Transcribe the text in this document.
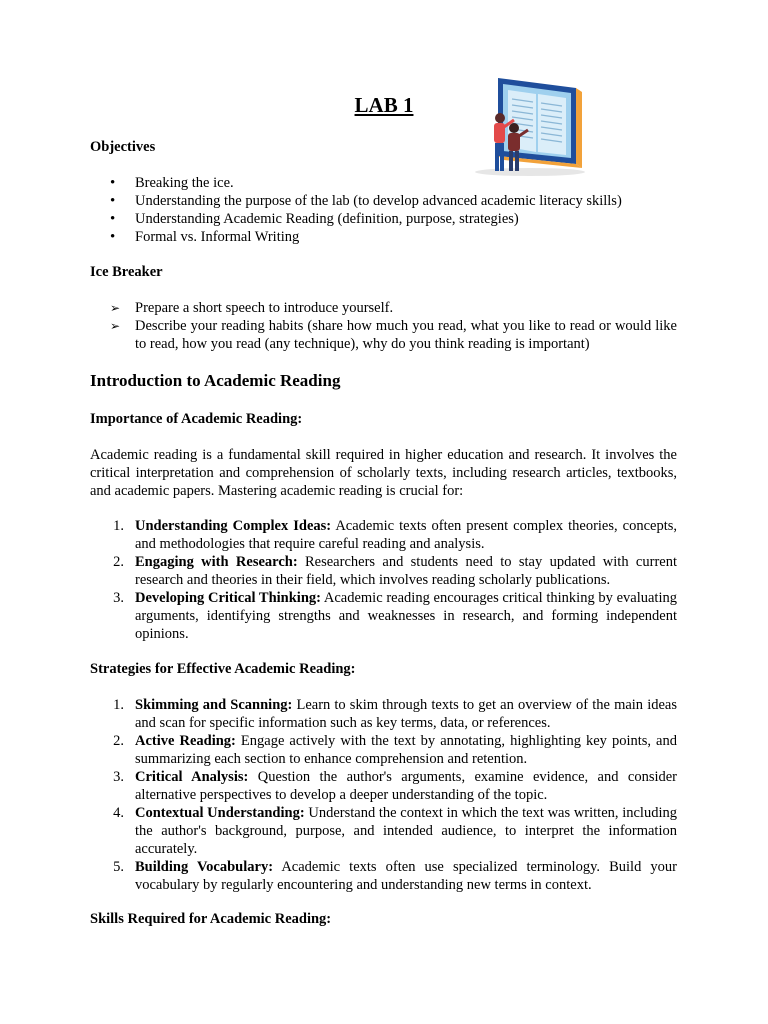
LAB 1
Objectives
• Breaking the ice.
• Understanding the purpose of the lab (to develop advanced academic literacy skills)
• Understanding Academic Reading (definition, purpose, strategies)
• Formal vs. Informal Writing
Ice Breaker
➢ Prepare a short speech to introduce yourself.
➢ Describe your reading habits (share how much you read, what you like to read or would like to read, how you read (any technique), why do you think reading is important)
Introduction to Academic Reading
Importance of Academic Reading:
Academic reading is a fundamental skill required in higher education and research. It involves the critical interpretation and comprehension of scholarly texts, including research articles, textbooks, and academic papers. Mastering academic reading is crucial for:
1. Understanding Complex Ideas: Academic texts often present complex theories, concepts, and methodologies that require careful reading and analysis.
2. Engaging with Research: Researchers and students need to stay updated with current research and theories in their field, which involves reading scholarly publications.
3. Developing Critical Thinking: Academic reading encourages critical thinking by evaluating arguments, identifying strengths and weaknesses in research, and forming independent opinions.
Strategies for Effective Academic Reading:
1. Skimming and Scanning: Learn to skim through texts to get an overview of the main ideas and scan for specific information such as key terms, data, or references.
2. Active Reading: Engage actively with the text by annotating, highlighting key points, and summarizing each section to enhance comprehension and retention.
3. Critical Analysis: Question the author's arguments, examine evidence, and consider alternative perspectives to develop a deeper understanding of the topic.
4. Contextual Understanding: Understand the context in which the text was written, including the author's background, purpose, and intended audience, to interpret the information accurately.
5. Building Vocabulary: Academic texts often use specialized terminology. Build your vocabulary by regularly encountering and understanding new terms in context.
Skills Required for Academic Reading:
